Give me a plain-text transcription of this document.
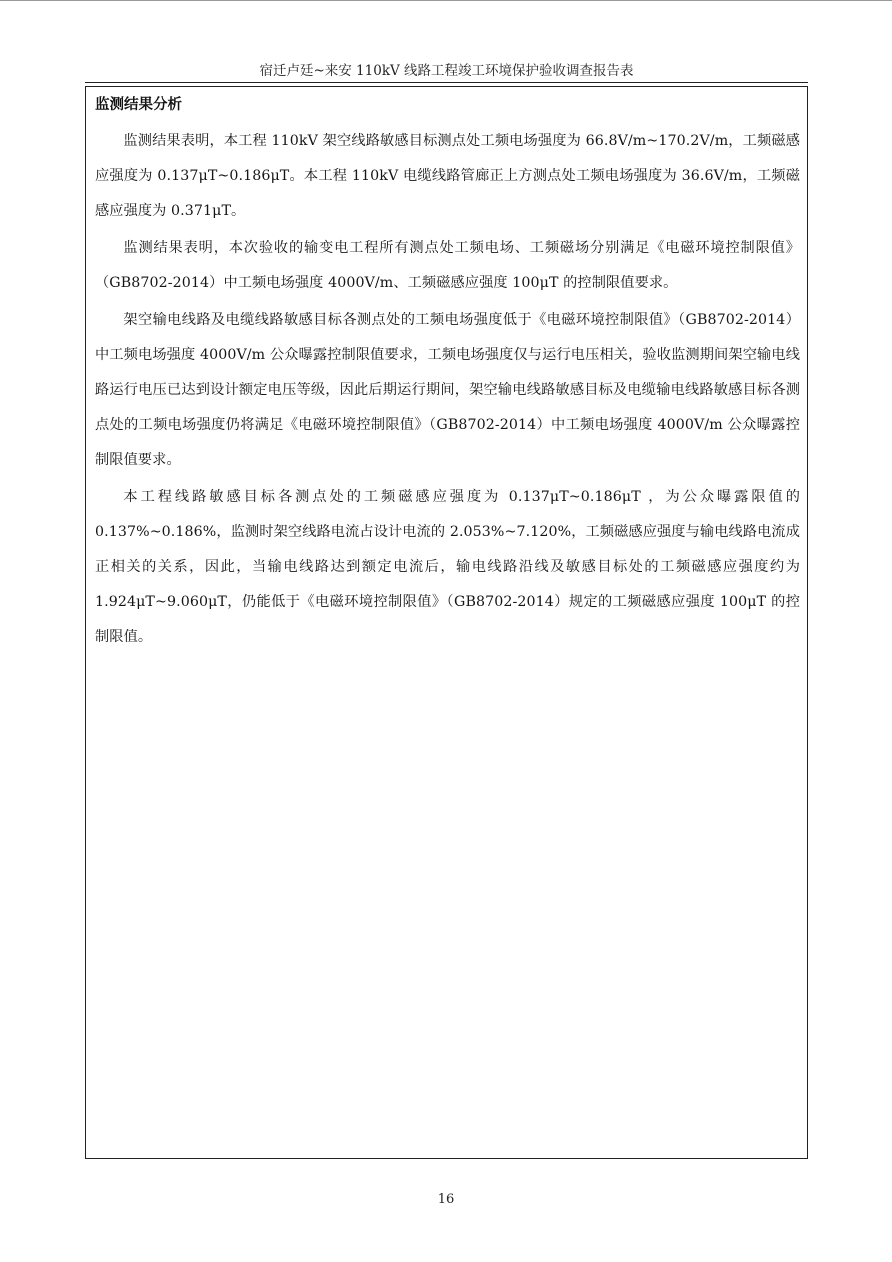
宿迁卢廷~来安 110kV 线路工程竣工环境保护验收调查报告表
监测结果分析

监测结果表明，本工程 110kV 架空线路敏感目标测点处工频电场强度为 66.8V/m~170.2V/m，工频磁感应强度为 0.137μT~0.186μT。本工程 110kV 电缆线路管廊正上方测点处工频电场强度为 36.6V/m，工频磁感应强度为 0.371μT。

监测结果表明，本次验收的输变电工程所有测点处工频电场、工频磁场分别满足《电磁环境控制限值》（GB8702-2014）中工频电场强度 4000V/m、工频磁感应强度 100μT 的控制限值要求。

架空输电线路及电缆线路敏感目标各测点处的工频电场强度低于《电磁环境控制限值》（GB8702-2014）中工频电场强度 4000V/m 公众曝露控制限值要求，工频电场强度仅与运行电压相关，验收监测期间架空输电线路运行电压已达到设计额定电压等级，因此后期运行期间，架空输电线路敏感目标及电缆输电线路敏感目标各测点处的工频电场强度仍将满足《电磁环境控制限值》（GB8702-2014）中工频电场强度 4000V/m 公众曝露控制限值要求。

本工程线路敏感目标各测点处的工频磁感应强度为 0.137μT~0.186μT ，为公众曝露限值的 0.137%~0.186%，监测时架空线路电流占设计电流的 2.053%~7.120%，工频磁感应强度与输电线路电流成正相关的关系，因此，当输电线路达到额定电流后，输电线路沿线及敏感目标处的工频磁感应强度约为 1.924μT~9.060μT，仍能低于《电磁环境控制限值》（GB8702-2014）规定的工频磁感应强度 100μT 的控制限值。

16
